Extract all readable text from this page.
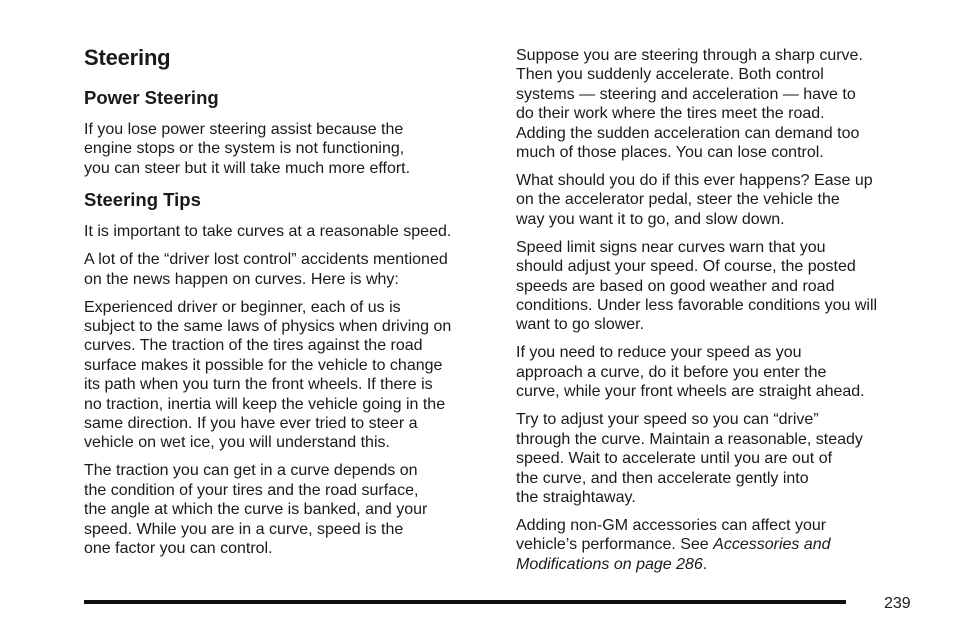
Steering
Power Steering

If you lose power steering assist because the
engine stops or the system is not functioning,
you can steer but it will take much more effort.

Steering Tips

It is important to take curves at a reasonable speed.

A lot of the “driver lost control” accidents mentioned
on the news happen on curves. Here is why:

Experienced driver or beginner, each of us is
subject to the same laws of physics when driving on
curves. The traction of the tires against the road
surface makes it possible for the vehicle to change
its path when you turn the front wheels. If there is
no traction, inertia will keep the vehicle going in the
same direction. If you have ever tried to steer a
vehicle on wet ice, you will understand this.

The traction you can get in a curve depends on
the condition of your tires and the road surface,
the angle at which the curve is banked, and your
speed. While you are in a curve, speed is the
one factor you can control.

Suppose you are steering through a sharp curve.
Then you suddenly accelerate. Both control
systems — steering and acceleration — have to
do their work where the tires meet the road.
Adding the sudden acceleration can demand too
much of those places. You can lose control.

What should you do if this ever happens? Ease up
on the accelerator pedal, steer the vehicle the
way you want it to go, and slow down.

Speed limit signs near curves warn that you
should adjust your speed. Of course, the posted
speeds are based on good weather and road
conditions. Under less favorable conditions you will
want to go slower.

If you need to reduce your speed as you
approach a curve, do it before you enter the
curve, while your front wheels are straight ahead.

Try to adjust your speed so you can “drive”
through the curve. Maintain a reasonable, steady
speed. Wait to accelerate until you are out of
the curve, and then accelerate gently into
the straightaway.

Adding non-GM accessories can affect your
vehicle’s performance. See Accessories and
Modifications on page 286.

239
